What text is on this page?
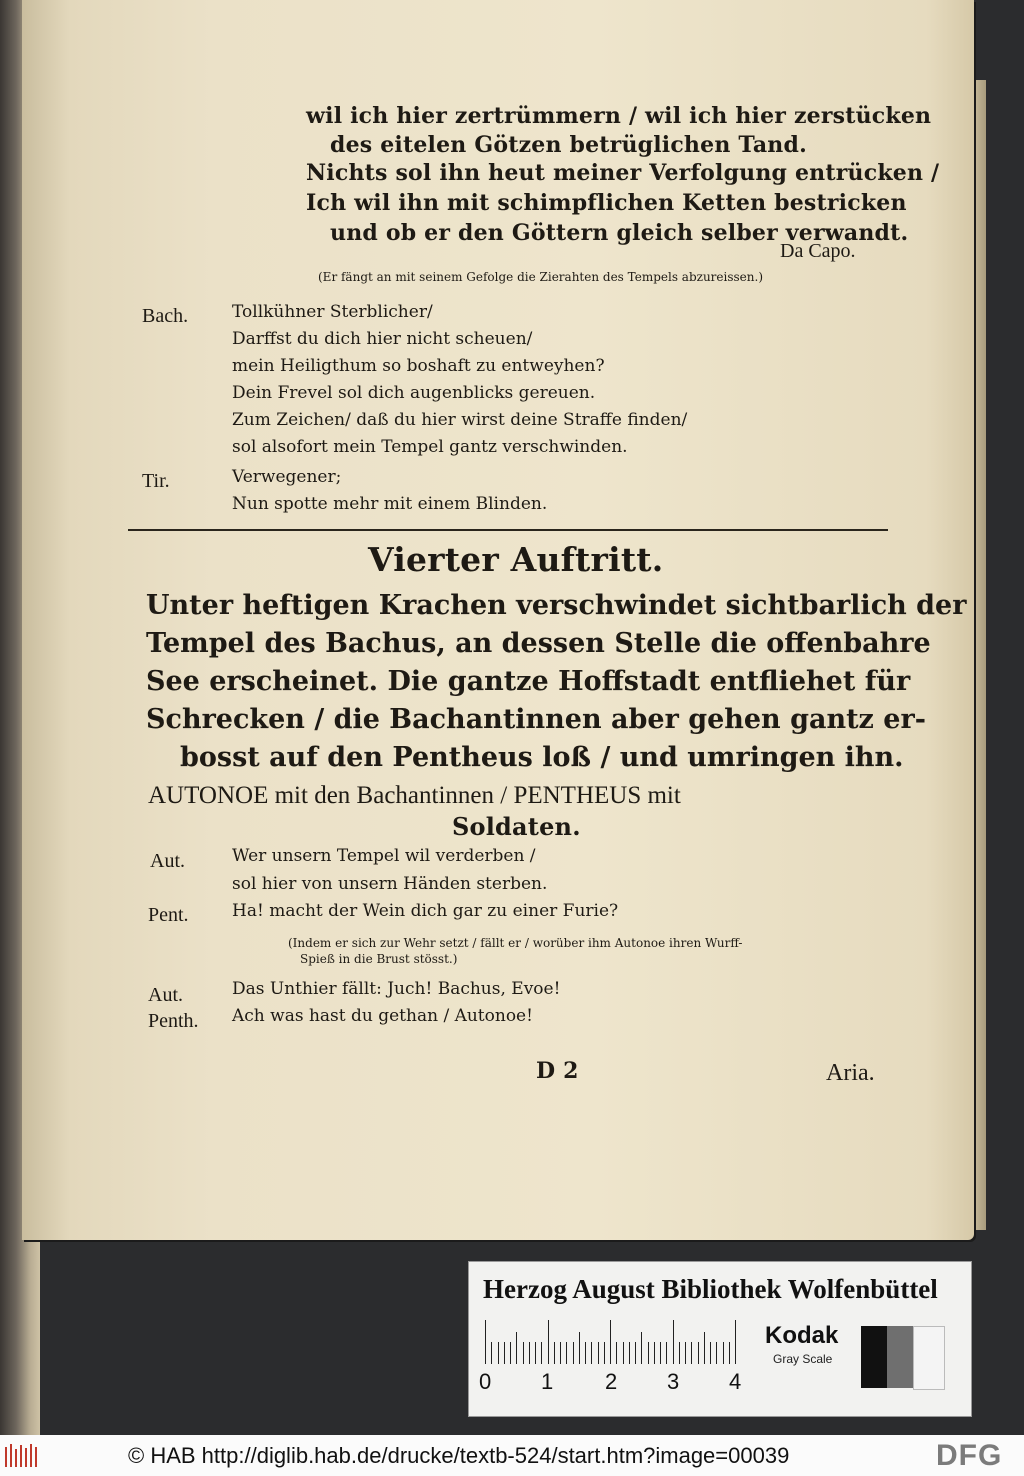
wil ich hier zertrümmern / wil ich hier zerstücken
des eitelen Götzen betrüglichen Tand.
Nichts sol ihn heut meiner Verfolgung entrücken /
Ich wil ihn mit schimpflichen Ketten bestricken
und ob er den Göttern gleich selber verwandt.
Da Capo.
(Er fängt an mit seinem Gefolge die Zierahten des Tempels abzureissen.)
Bach.	Tollkühner Sterblicher/
Darffst du dich hier nicht scheuen/
mein Heiligthum so boshaft zu entweyhen?
Dein Frevel sol dich augenblicks gereuen.
Zum Zeichen/ daß du hier wirst deine Straffe finden/
sol alsofort mein Tempel gantz verschwinden.
Tir.	Verwegener;
Nun spotte mehr mit einem Blinden.
Vierter Auftritt.
Unter heftigen Krachen verschwindet sichtbarlich der
Tempel des Bachus, an dessen Stelle die offenbahre
See erscheinet. Die gantze Hoffstadt entfliehet für
Schrecken / die Bachantinnen aber gehen gantz er-
bosst auf den Pentheus loß / und umringen ihn.
AUTONOE mit den Bachantinnen / PENTHEUS mit
Soldaten.
Aut.	Wer unsern Tempel wil verderben /
sol hier von unsern Händen sterben.
Pent.	Ha! macht der Wein dich gar zu einer Furie?
(Indem er sich zur Wehr setzt / fällt er / worüber ihm Autonoe ihren Wurff-
Spieß in die Brust stösst.)
Aut.	Das Unthier fällt: Juch! Bachus, Evoe!
Penth. Ach was hast du gethan / Autonoe!
D 2	Aria.
Herzog August Bibliothek Wolfenbüttel
0 1 2 3 4
Kodak
Gray Scale
© HAB http://diglib.hab.de/drucke/textb-524/start.htm?image=00039	DFG
